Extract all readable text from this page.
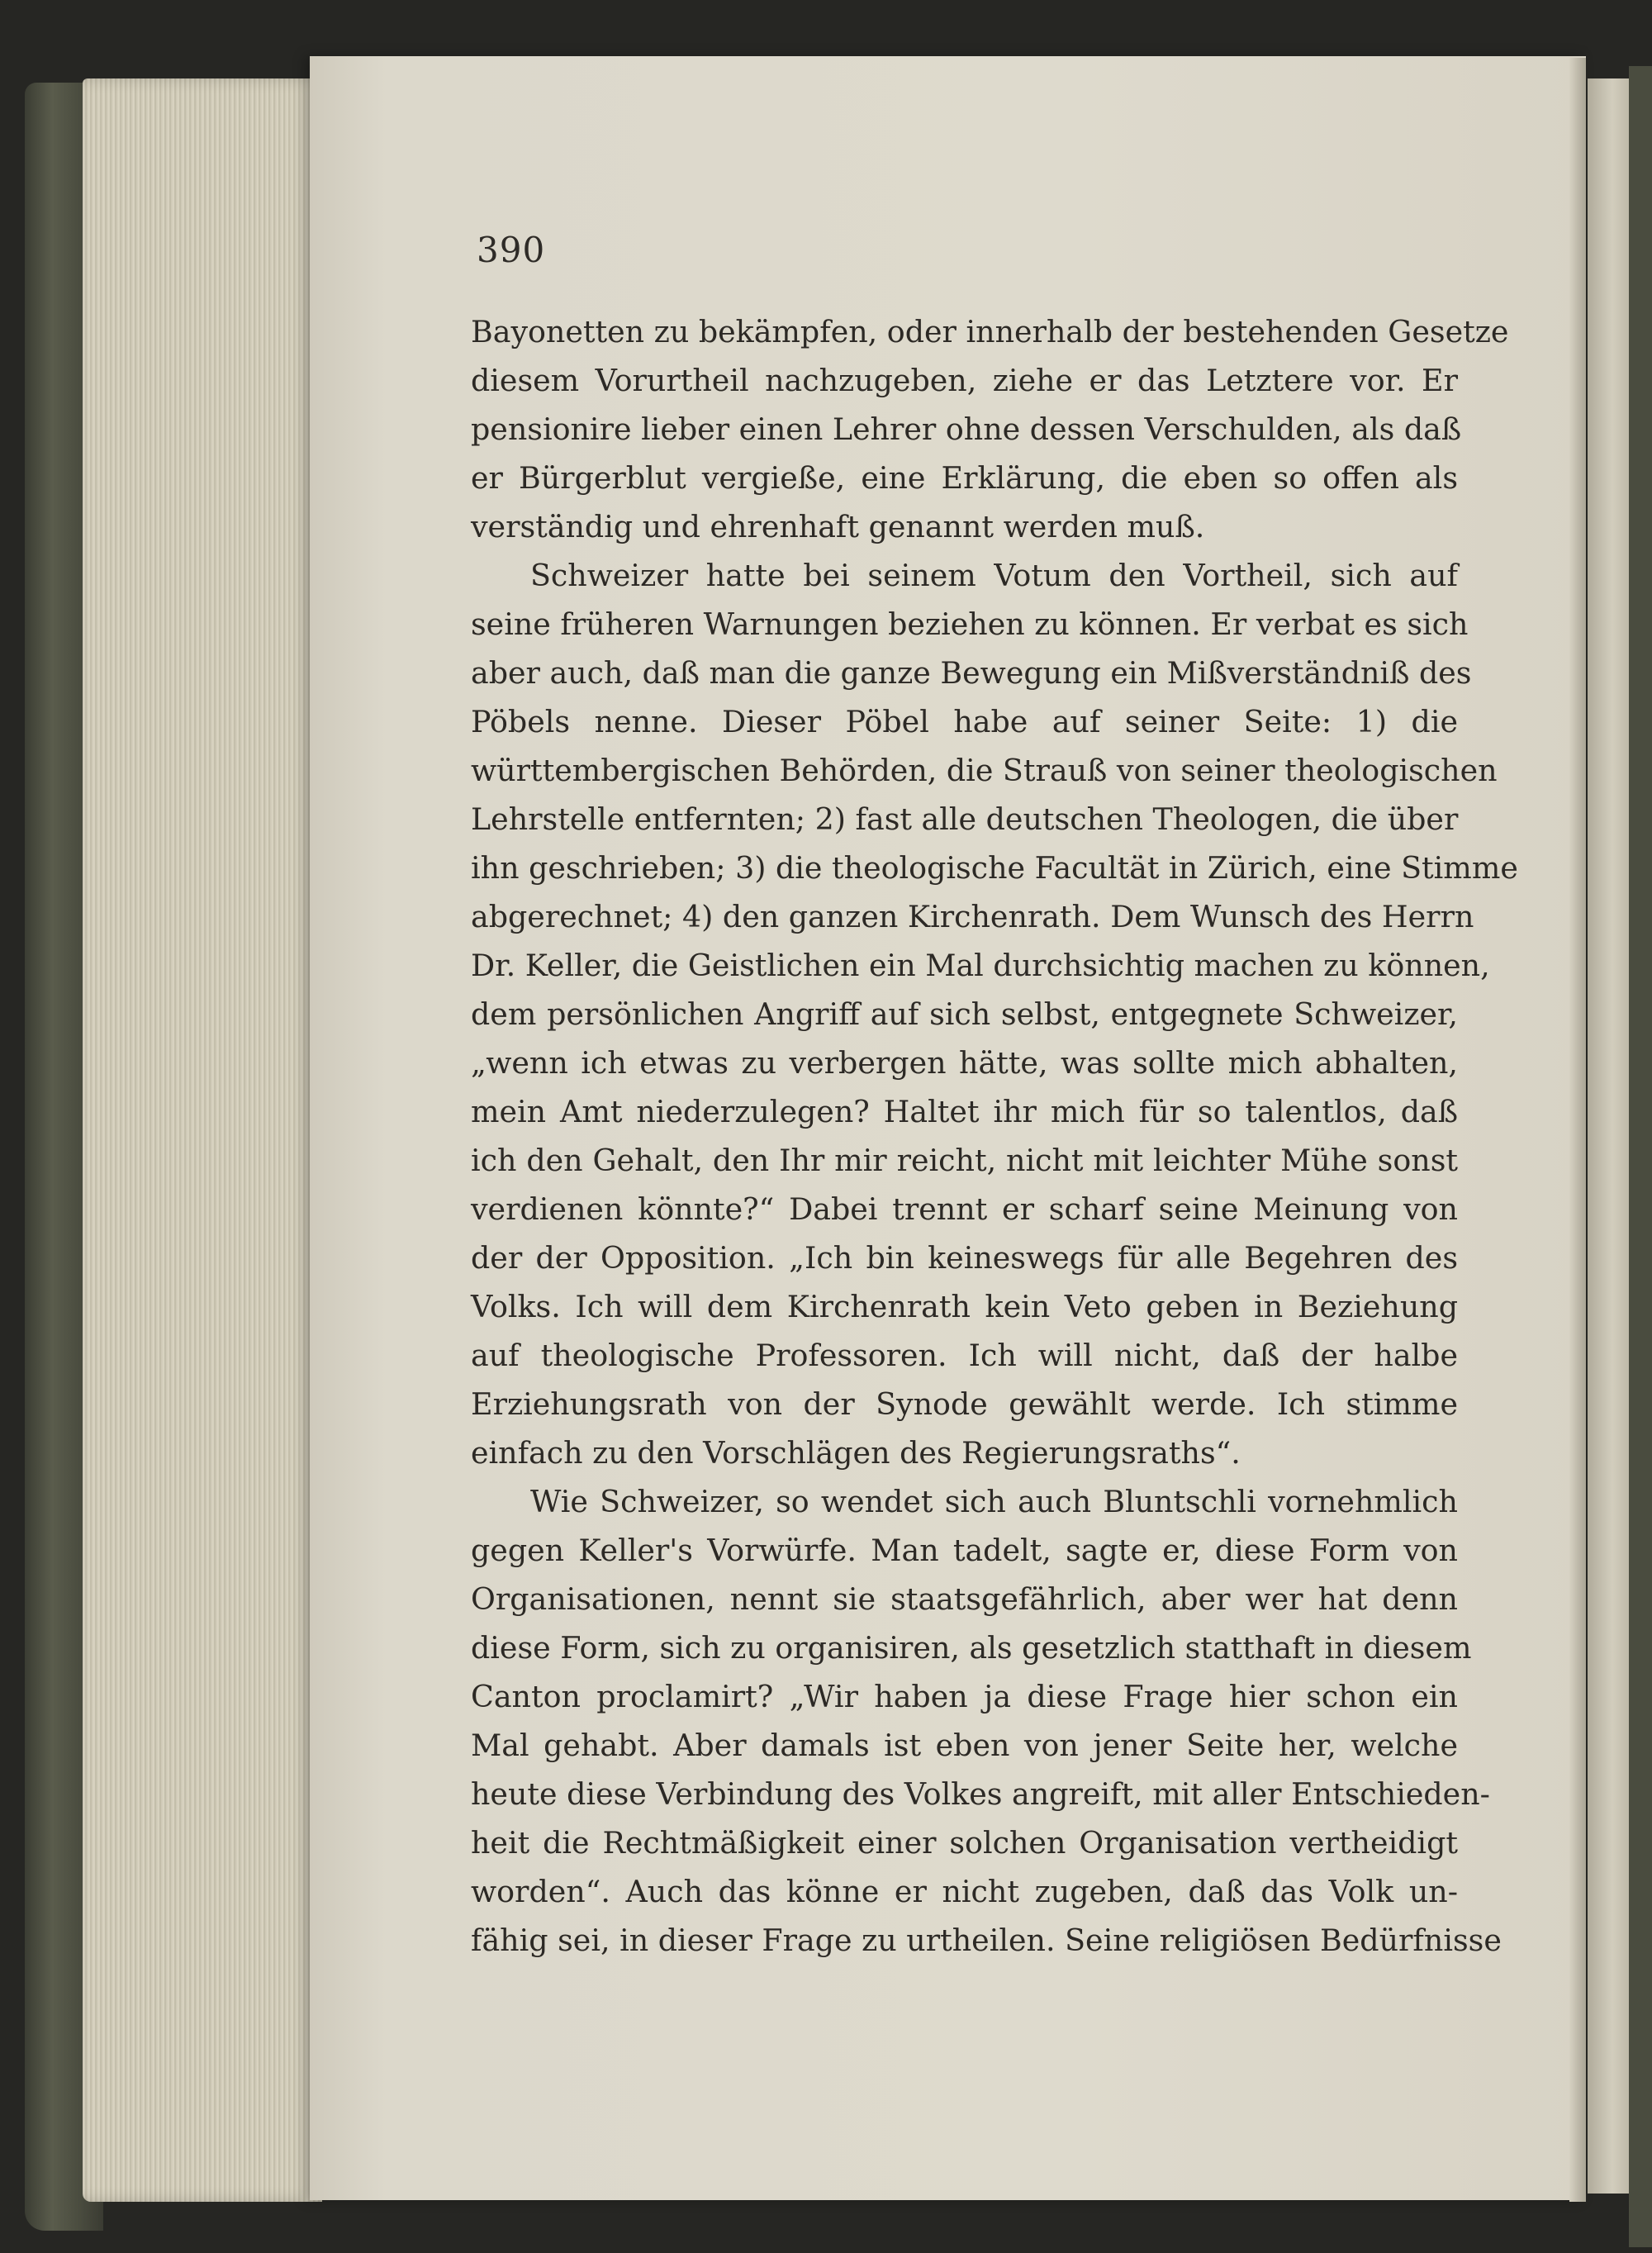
390
Bayonetten zu bekämpfen, oder innerhalb der bestehenden Gesetze
diesem Vorurtheil nachzugeben, ziehe er das Letztere vor. Er
pensionire lieber einen Lehrer ohne dessen Verschulden, als daß
er Bürgerblut vergieße, eine Erklärung, die eben so offen als
verständig und ehrenhaft genannt werden muß.
Schweizer hatte bei seinem Votum den Vortheil, sich auf
seine früheren Warnungen beziehen zu können. Er verbat es sich
aber auch, daß man die ganze Bewegung ein Mißverständniß des
Pöbels nenne. Dieser Pöbel habe auf seiner Seite: 1) die
württembergischen Behörden, die Strauß von seiner theologischen
Lehrstelle entfernten; 2) fast alle deutschen Theologen, die über
ihn geschrieben; 3) die theologische Facultät in Zürich, eine Stimme
abgerechnet; 4) den ganzen Kirchenrath. Dem Wunsch des Herrn
Dr. Keller, die Geistlichen ein Mal durchsichtig machen zu können,
dem persönlichen Angriff auf sich selbst, entgegnete Schweizer,
„wenn ich etwas zu verbergen hätte, was sollte mich abhalten,
mein Amt niederzulegen? Haltet ihr mich für so talentlos, daß
ich den Gehalt, den Ihr mir reicht, nicht mit leichter Mühe sonst
verdienen könnte?“ Dabei trennt er scharf seine Meinung von
der der Opposition. „Ich bin keineswegs für alle Begehren des
Volks. Ich will dem Kirchenrath kein Veto geben in Beziehung
auf theologische Professoren. Ich will nicht, daß der halbe
Erziehungsrath von der Synode gewählt werde. Ich stimme
einfach zu den Vorschlägen des Regierungsraths“.
Wie Schweizer, so wendet sich auch Bluntschli vornehmlich
gegen Keller's Vorwürfe. Man tadelt, sagte er, diese Form von
Organisationen, nennt sie staatsgefährlich, aber wer hat denn
diese Form, sich zu organisiren, als gesetzlich statthaft in diesem
Canton proclamirt? „Wir haben ja diese Frage hier schon ein
Mal gehabt. Aber damals ist eben von jener Seite her, welche
heute diese Verbindung des Volkes angreift, mit aller Entschieden-
heit die Rechtmäßigkeit einer solchen Organisation vertheidigt
worden“. Auch das könne er nicht zugeben, daß das Volk un-
fähig sei, in dieser Frage zu urtheilen. Seine religiösen Bedürfnisse
